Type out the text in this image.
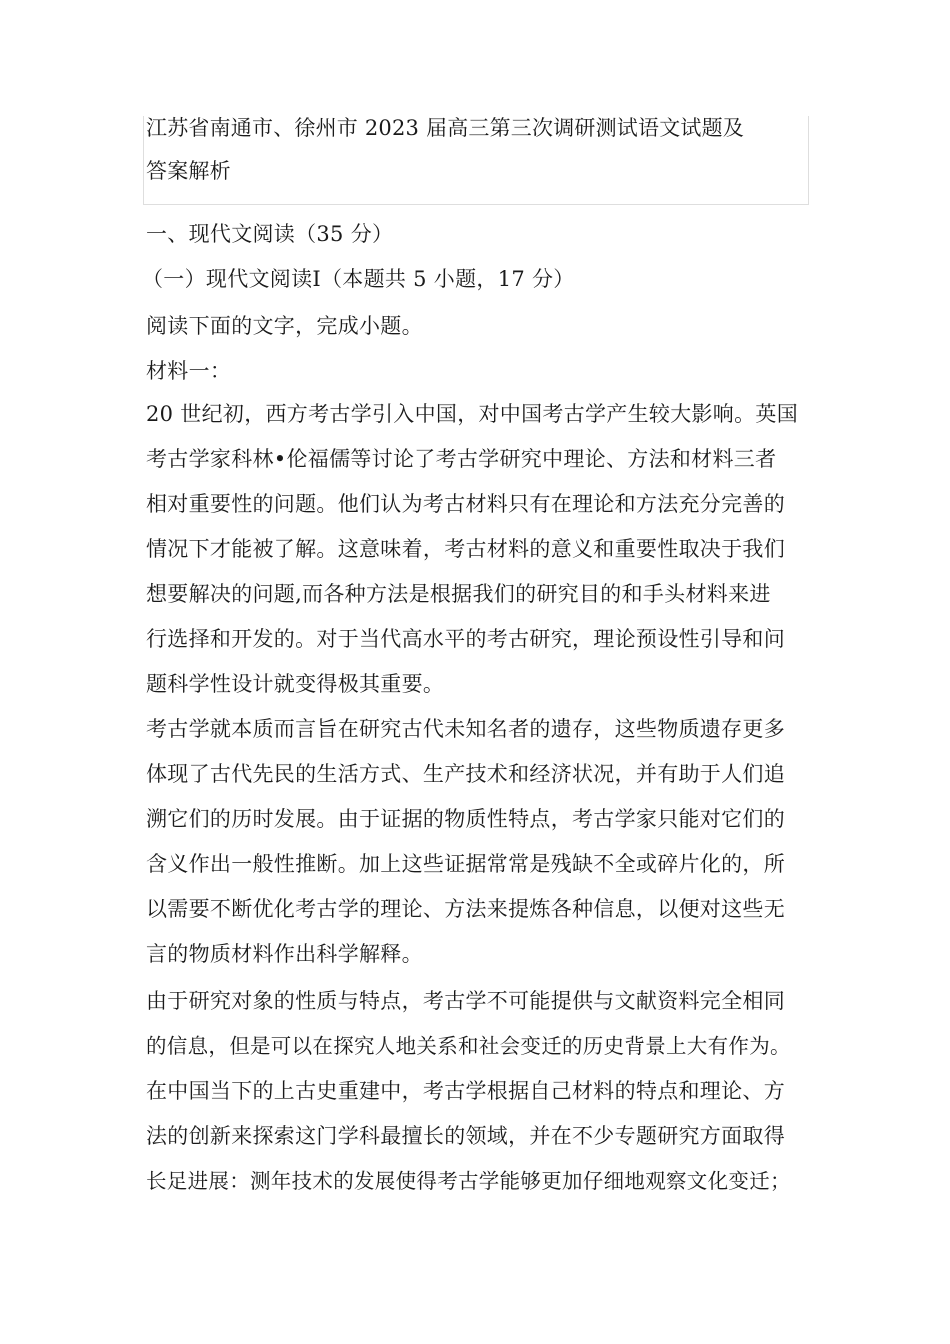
江苏省南通市、徐州市 2023 届高三第三次调研测试语文试题及
答案解析
一、现代文阅读（35 分）
（一）现代文阅读Ⅰ（本题共 5 小题，17 分）
阅读下面的文字，完成小题。
材料一：
20 世纪初，西方考古学引入中国，对中国考古学产生较大影响。英国
考古学家科林•伦福儒等讨论了考古学研究中理论、方法和材料三者
相对重要性的问题。他们认为考古材料只有在理论和方法充分完善的
情况下才能被了解。这意味着，考古材料的意义和重要性取决于我们
想要解决的问题,而各种方法是根据我们的研究目的和手头材料来进
行选择和开发的。对于当代高水平的考古研究，理论预设性引导和问
题科学性设计就变得极其重要。
考古学就本质而言旨在研究古代未知名者的遗存，这些物质遗存更多
体现了古代先民的生活方式、生产技术和经济状况，并有助于人们追
溯它们的历时发展。由于证据的物质性特点，考古学家只能对它们的
含义作出一般性推断。加上这些证据常常是残缺不全或碎片化的，所
以需要不断优化考古学的理论、方法来提炼各种信息，以便对这些无
言的物质材料作出科学解释。
由于研究对象的性质与特点，考古学不可能提供与文献资料完全相同
的信息，但是可以在探究人地关系和社会变迁的历史背景上大有作为。
在中国当下的上古史重建中，考古学根据自己材料的特点和理论、方
法的创新来探索这门学科最擅长的领域，并在不少专题研究方面取得
长足进展：测年技术的发展使得考古学能够更加仔细地观察文化变迁；
